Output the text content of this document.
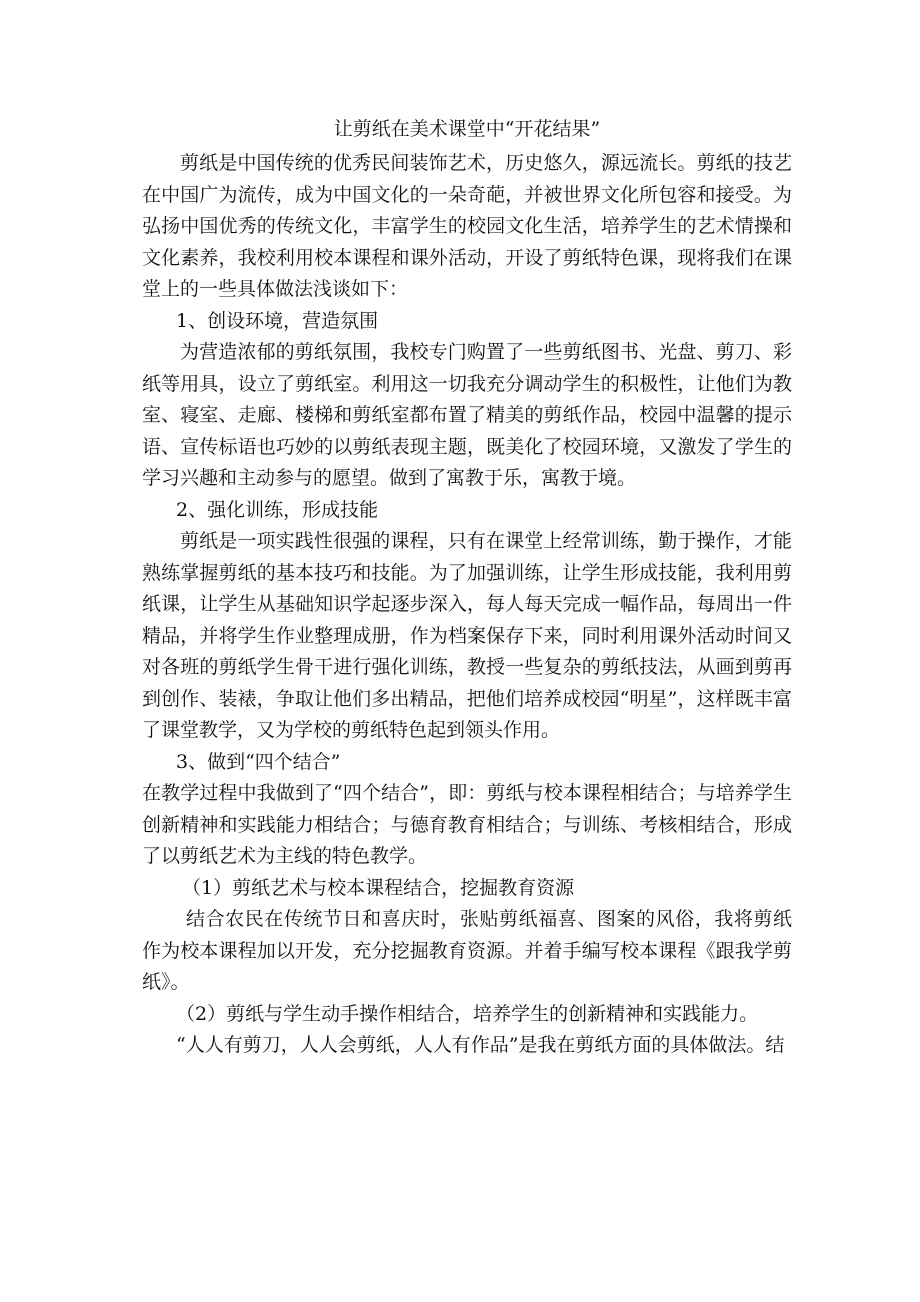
让剪纸在美术课堂中“开花结果”

剪纸是中国传统的优秀民间装饰艺术，历史悠久，源远流长。剪纸的技艺在中国广为流传，成为中国文化的一朵奇葩，并被世界文化所包容和接受。为弘扬中国优秀的传统文化，丰富学生的校园文化生活，培养学生的艺术情操和文化素养，我校利用校本课程和课外活动，开设了剪纸特色课，现将我们在课堂上的一些具体做法浅谈如下：

1、创设环境，营造氛围

为营造浓郁的剪纸氛围，我校专门购置了一些剪纸图书、光盘、剪刀、彩纸等用具，设立了剪纸室。利用这一切我充分调动学生的积极性，让他们为教室、寝室、走廊、楼梯和剪纸室都布置了精美的剪纸作品，校园中温馨的提示语、宣传标语也巧妙的以剪纸表现主题，既美化了校园环境，又激发了学生的学习兴趣和主动参与的愿望。做到了寓教于乐，寓教于境。

2、强化训练，形成技能

剪纸是一项实践性很强的课程，只有在课堂上经常训练，勤于操作，才能熟练掌握剪纸的基本技巧和技能。为了加强训练，让学生形成技能，我利用剪纸课，让学生从基础知识学起逐步深入，每人每天完成一幅作品，每周出一件精品，并将学生作业整理成册，作为档案保存下来，同时利用课外活动时间又对各班的剪纸学生骨干进行强化训练，教授一些复杂的剪纸技法，从画到剪再到创作、装裱，争取让他们多出精品，把他们培养成校园“明星”，这样既丰富了课堂教学，又为学校的剪纸特色起到领头作用。

3、做到“四个结合”

在教学过程中我做到了“四个结合”，即：剪纸与校本课程相结合；与培养学生创新精神和实践能力相结合；与德育教育相结合；与训练、考核相结合，形成了以剪纸艺术为主线的特色教学。

（1）剪纸艺术与校本课程结合，挖掘教育资源

结合农民在传统节日和喜庆时，张贴剪纸福喜、图案的风俗，我将剪纸作为校本课程加以开发，充分挖掘教育资源。并着手编写校本课程《跟我学剪纸》。

（2）剪纸与学生动手操作相结合，培养学生的创新精神和实践能力。

“人人有剪刀，人人会剪纸，人人有作品”是我在剪纸方面的具体做法。结
